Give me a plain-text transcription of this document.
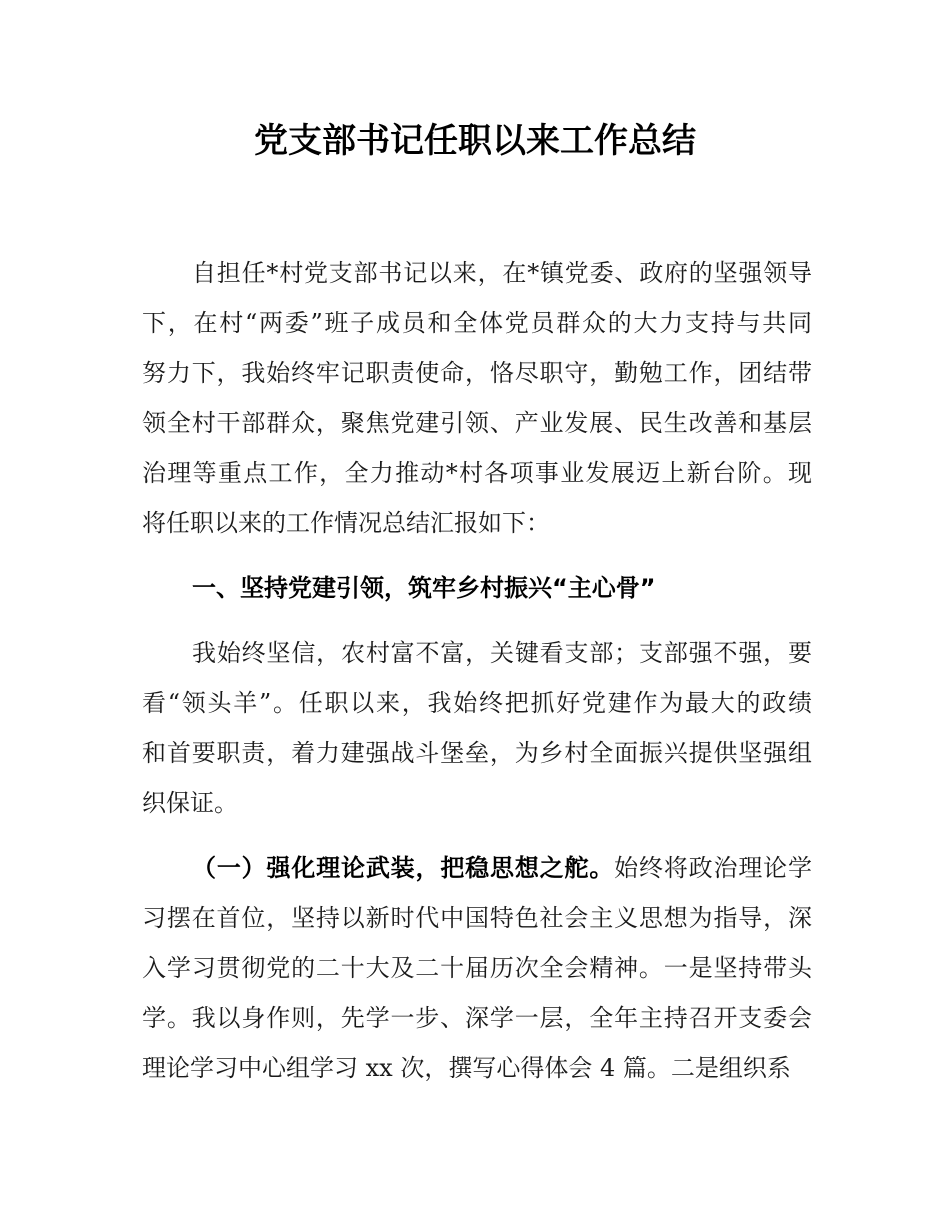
党支部书记任职以来工作总结
自担任*村党支部书记以来，在*镇党委、政府的坚强领导
下，在村“两委”班子成员和全体党员群众的大力支持与共同
努力下，我始终牢记职责使命，恪尽职守，勤勉工作，团结带
领全村干部群众，聚焦党建引领、产业发展、民生改善和基层
治理等重点工作，全力推动*村各项事业发展迈上新台阶。现
将任职以来的工作情况总结汇报如下：
一、坚持党建引领，筑牢乡村振兴“主心骨”
我始终坚信，农村富不富，关键看支部；支部强不强，要
看“领头羊”。任职以来，我始终把抓好党建作为最大的政绩
和首要职责，着力建强战斗堡垒，为乡村全面振兴提供坚强组
织保证。
（一）强化理论武装，把稳思想之舵。始终将政治理论学
习摆在首位，坚持以新时代中国特色社会主义思想为指导，深
入学习贯彻党的二十大及二十届历次全会精神。一是坚持带头
学。我以身作则，先学一步、深学一层，全年主持召开支委会
理论学习中心组学习 xx 次，撰写心得体会 4 篇。二是组织系
